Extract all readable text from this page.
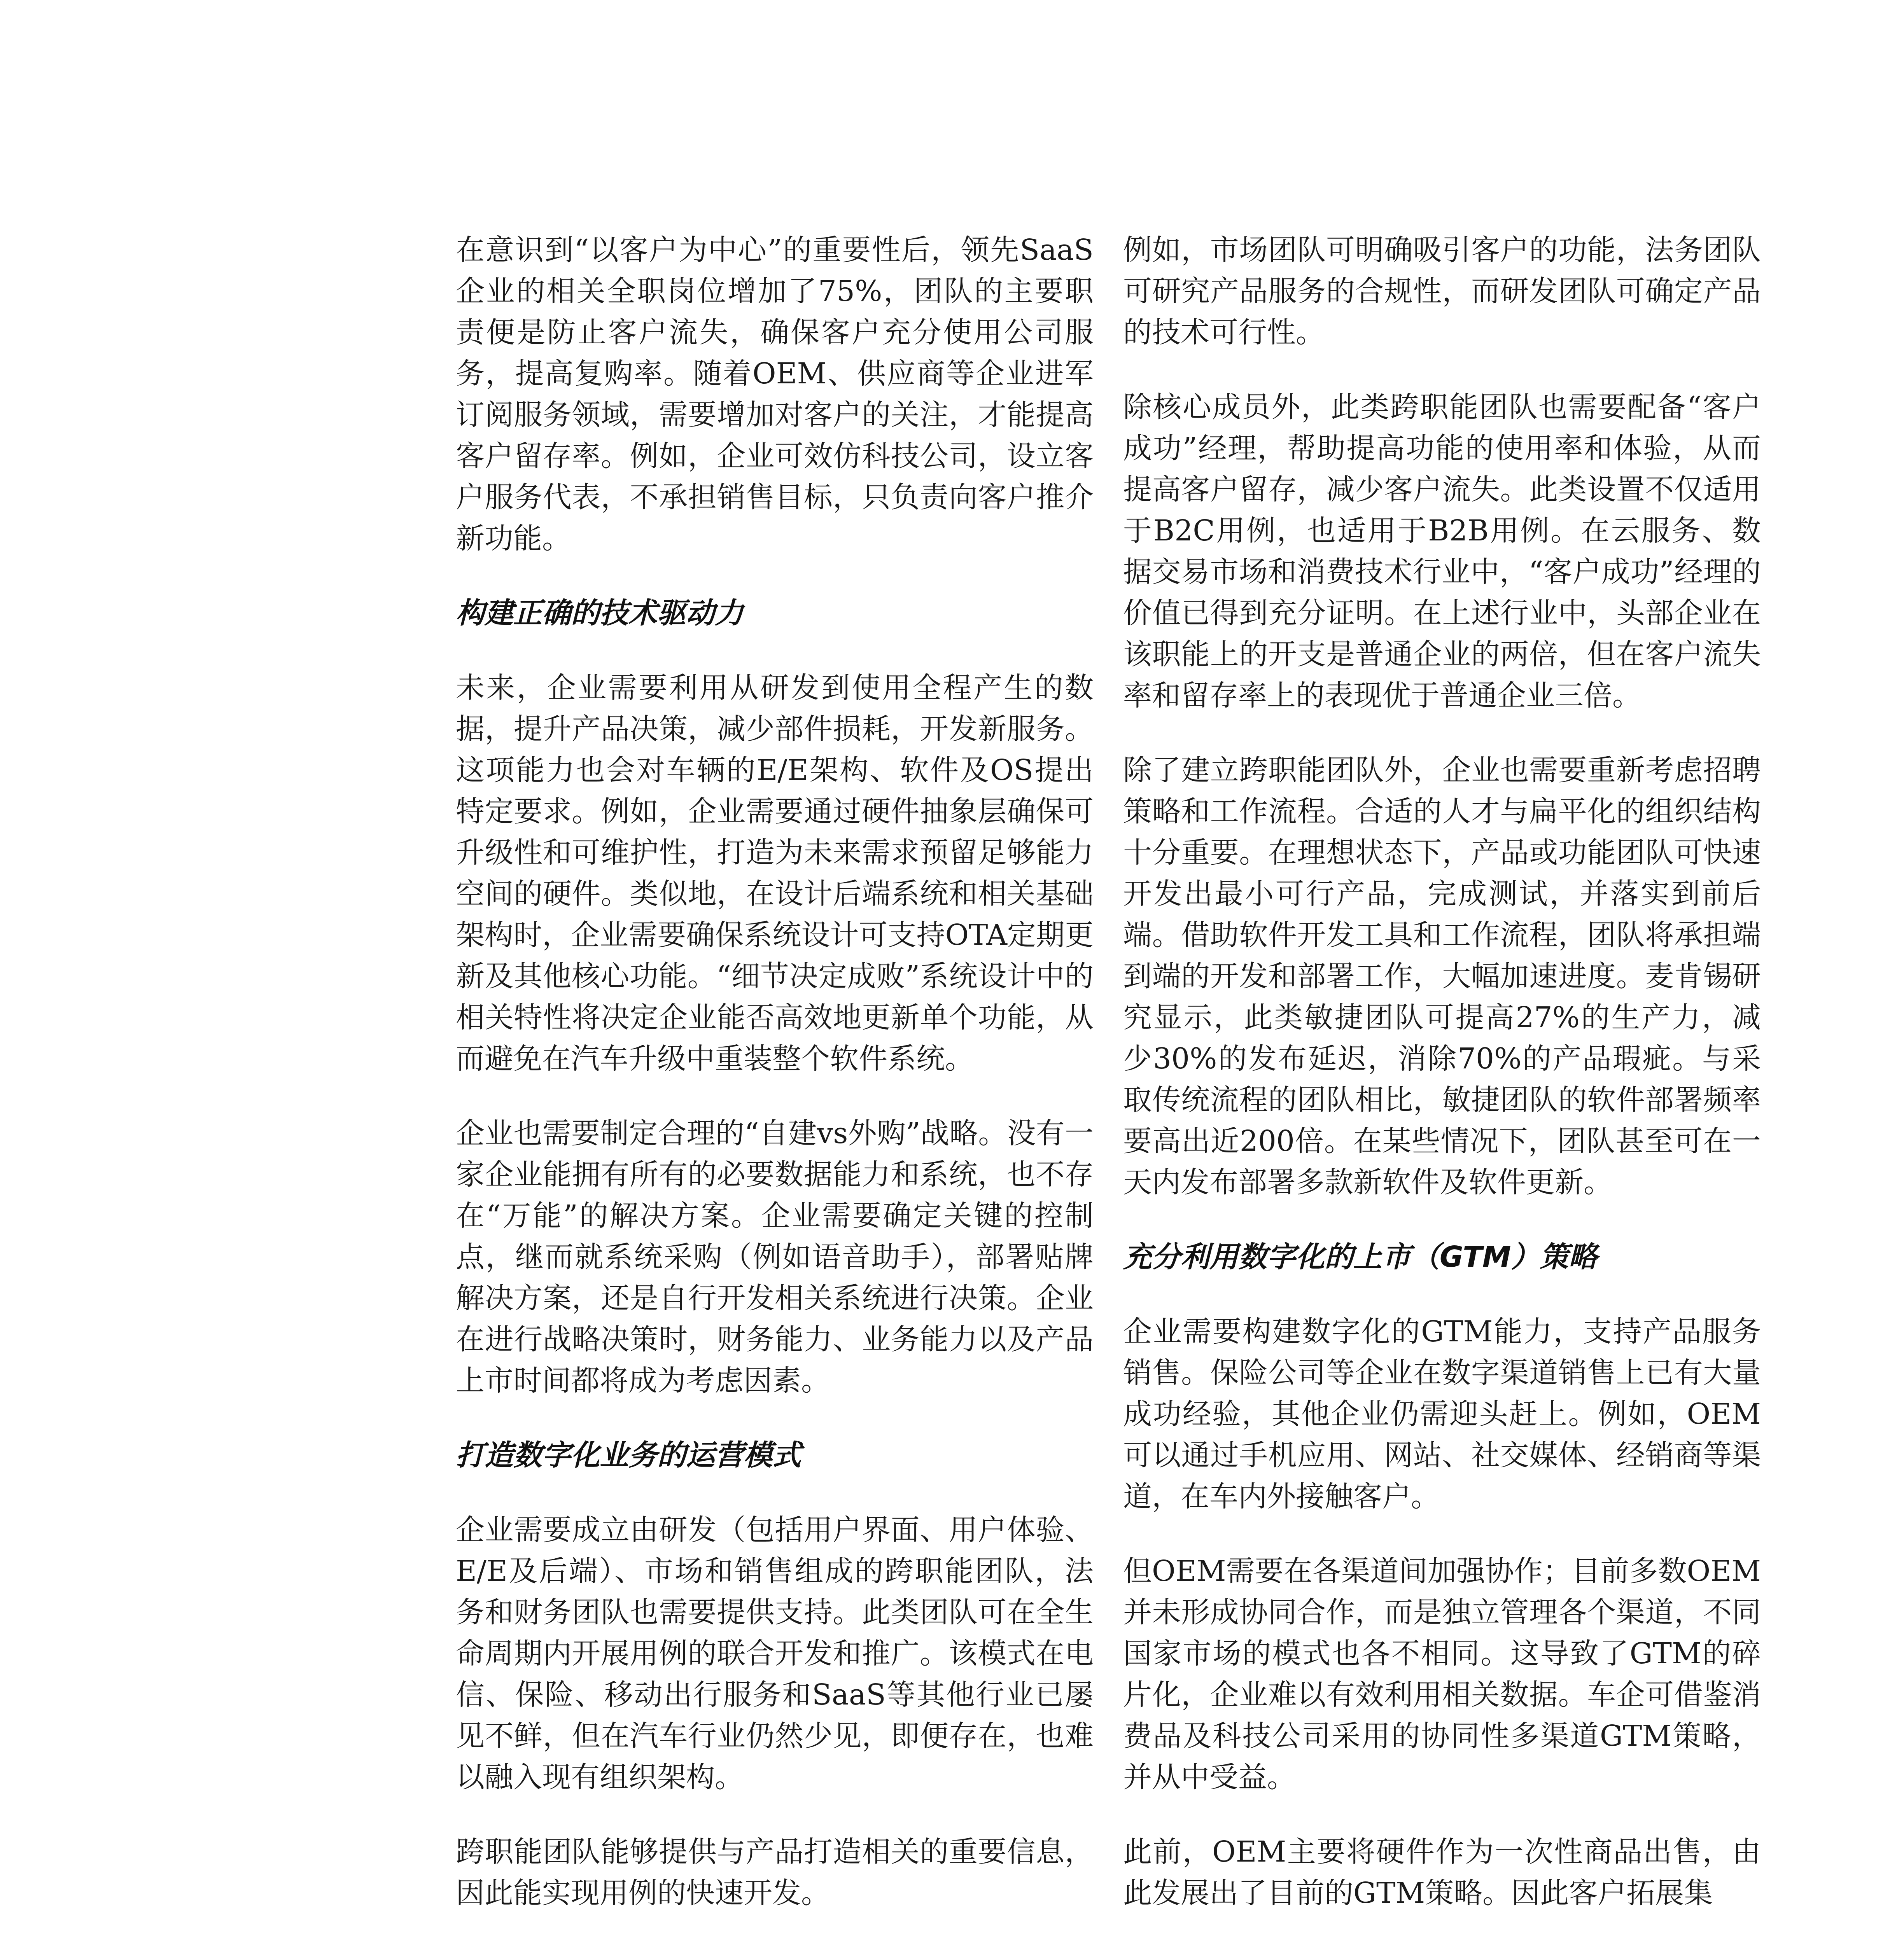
在意识到“以客户为中心”的重要性后，领先SaaS企业的相关全职岗位增加了75%，团队的主要职责便是防止客户流失，确保客户充分使用公司服务，提高复购率。随着OEM、供应商等企业进军订阅服务领域，需要增加对客户的关注，才能提高客户留存率。例如，企业可效仿科技公司，设立客户服务代表，不承担销售目标，只负责向客户推介新功能。

构建正确的技术驱动力

未来，企业需要利用从研发到使用全程产生的数据，提升产品决策，减少部件损耗，开发新服务。这项能力也会对车辆的E/E架构、软件及OS提出特定要求。例如，企业需要通过硬件抽象层确保可升级性和可维护性，打造为未来需求预留足够能力空间的硬件。类似地，在设计后端系统和相关基础架构时，企业需要确保系统设计可支持OTA定期更新及其他核心功能。“细节决定成败”系统设计中的相关特性将决定企业能否高效地更新单个功能，从而避免在汽车升级中重装整个软件系统。

企业也需要制定合理的“自建vs外购”战略。没有一家企业能拥有所有的必要数据能力和系统，也不存在“万能”的解决方案。企业需要确定关键的控制点，继而就系统采购（例如语音助手），部署贴牌解决方案，还是自行开发相关系统进行决策。企业在进行战略决策时，财务能力、业务能力以及产品上市时间都将成为考虑因素。

打造数字化业务的运营模式

企业需要成立由研发（包括用户界面、用户体验、E/E及后端）、市场和销售组成的跨职能团队，法务和财务团队也需要提供支持。此类团队可在全生命周期内开展用例的联合开发和推广。该模式在电信、保险、移动出行服务和SaaS等其他行业已屡见不鲜，但在汽车行业仍然少见，即便存在，也难以融入现有组织架构。

跨职能团队能够提供与产品打造相关的重要信息，因此能实现用例的快速开发。

例如，市场团队可明确吸引客户的功能，法务团队可研究产品服务的合规性，而研发团队可确定产品的技术可行性。

除核心成员外，此类跨职能团队也需要配备“客户成功”经理，帮助提高功能的使用率和体验，从而提高客户留存，减少客户流失。此类设置不仅适用于B2C用例，也适用于B2B用例。在云服务、数据交易市场和消费技术行业中，“客户成功”经理的价值已得到充分证明。在上述行业中，头部企业在该职能上的开支是普通企业的两倍，但在客户流失率和留存率上的表现优于普通企业三倍。

除了建立跨职能团队外，企业也需要重新考虑招聘策略和工作流程。合适的人才与扁平化的组织结构十分重要。在理想状态下，产品或功能团队可快速开发出最小可行产品，完成测试，并落实到前后端。借助软件开发工具和工作流程，团队将承担端到端的开发和部署工作，大幅加速进度。麦肯锡研究显示，此类敏捷团队可提高27%的生产力，减少30%的发布延迟，消除70%的产品瑕疵。与采取传统流程的团队相比，敏捷团队的软件部署频率要高出近200倍。在某些情况下，团队甚至可在一天内发布部署多款新软件及软件更新。

充分利用数字化的上市（GTM）策略

企业需要构建数字化的GTM能力，支持产品服务销售。保险公司等企业在数字渠道销售上已有大量成功经验，其他企业仍需迎头赶上。例如，OEM可以通过手机应用、网站、社交媒体、经销商等渠道，在车内外接触客户。

但OEM需要在各渠道间加强协作；目前多数OEM并未形成协同合作，而是独立管理各个渠道，不同国家市场的模式也各不相同。这导致了GTM的碎片化，企业难以有效利用相关数据。车企可借鉴消费品及科技公司采用的协同性多渠道GTM策略，并从中受益。

此前，OEM主要将硬件作为一次性商品出售，由此发展出了目前的GTM策略。因此客户拓展集
